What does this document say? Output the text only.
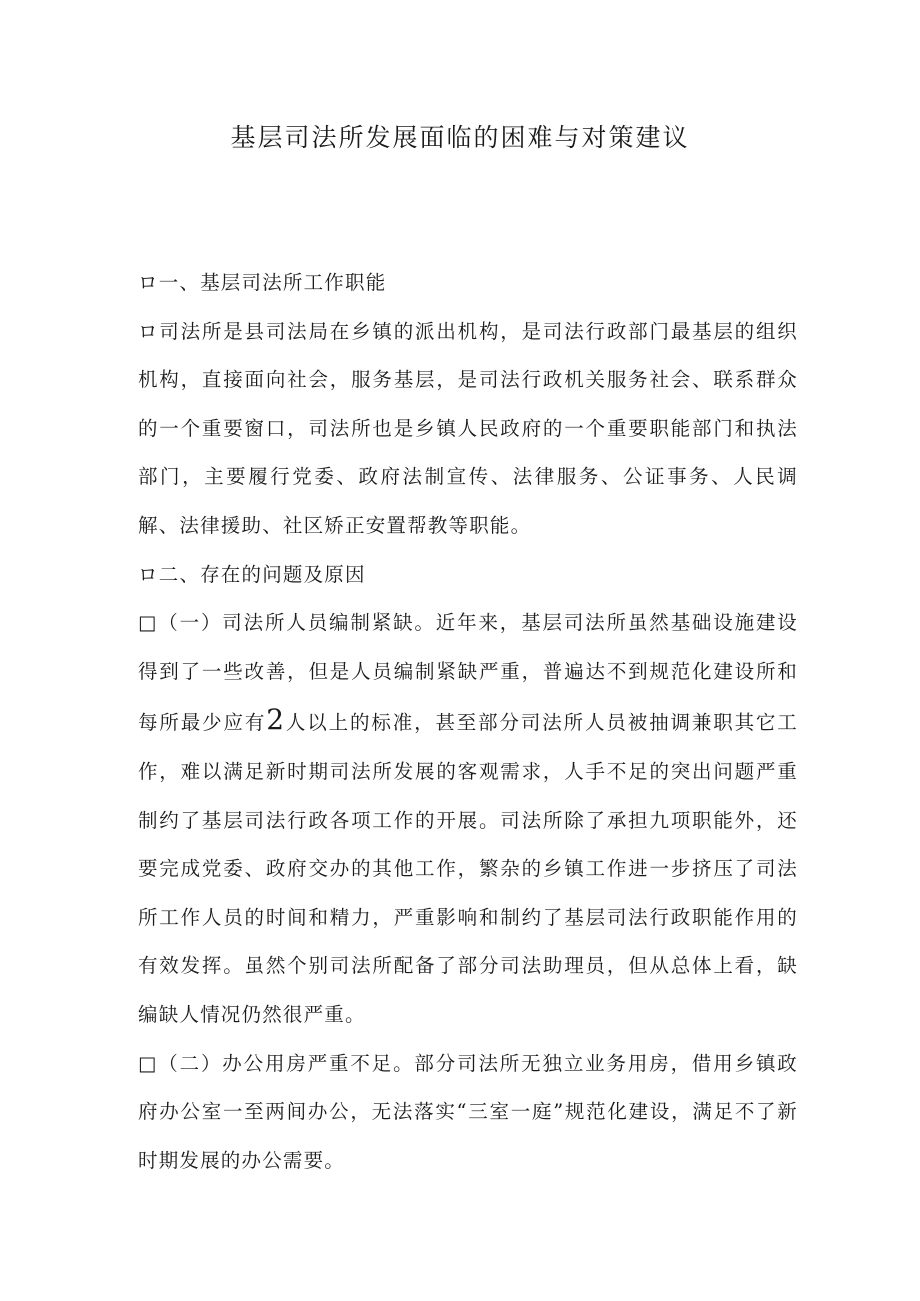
基层司法所发展面临的困难与对策建议

ロ一、基层司法所工作职能

ロ司法所是县司法局在乡镇的派出机构，是司法行政部门最基层的组织机构，直接面向社会，服务基层，是司法行政机关服务社会、联系群众的一个重要窗口，司法所也是乡镇人民政府的一个重要职能部门和执法部门，主要履行党委、政府法制宣传、法律服务、公证事务、人民调解、法律援助、社区矫正安置帮教等职能。

ロ二、存在的问题及原因

□（一）司法所人员编制紧缺。近年来，基层司法所虽然基础设施建设得到了一些改善，但是人员编制紧缺严重，普遍达不到规范化建设所和每所最少应有2人以上的标准，甚至部分司法所人员被抽调兼职其它工作，难以满足新时期司法所发展的客观需求，人手不足的突出问题严重制约了基层司法行政各项工作的开展。司法所除了承担九项职能外，还要完成党委、政府交办的其他工作，繁杂的乡镇工作进一步挤压了司法所工作人员的时间和精力，严重影响和制约了基层司法行政职能作用的有效发挥。虽然个别司法所配备了部分司法助理员，但从总体上看，缺编缺人情况仍然很严重。

□（二）办公用房严重不足。部分司法所无独立业务用房，借用乡镇政府办公室一至两间办公，无法落实“三室一庭”规范化建设，满足不了新时期发展的办公需要。
